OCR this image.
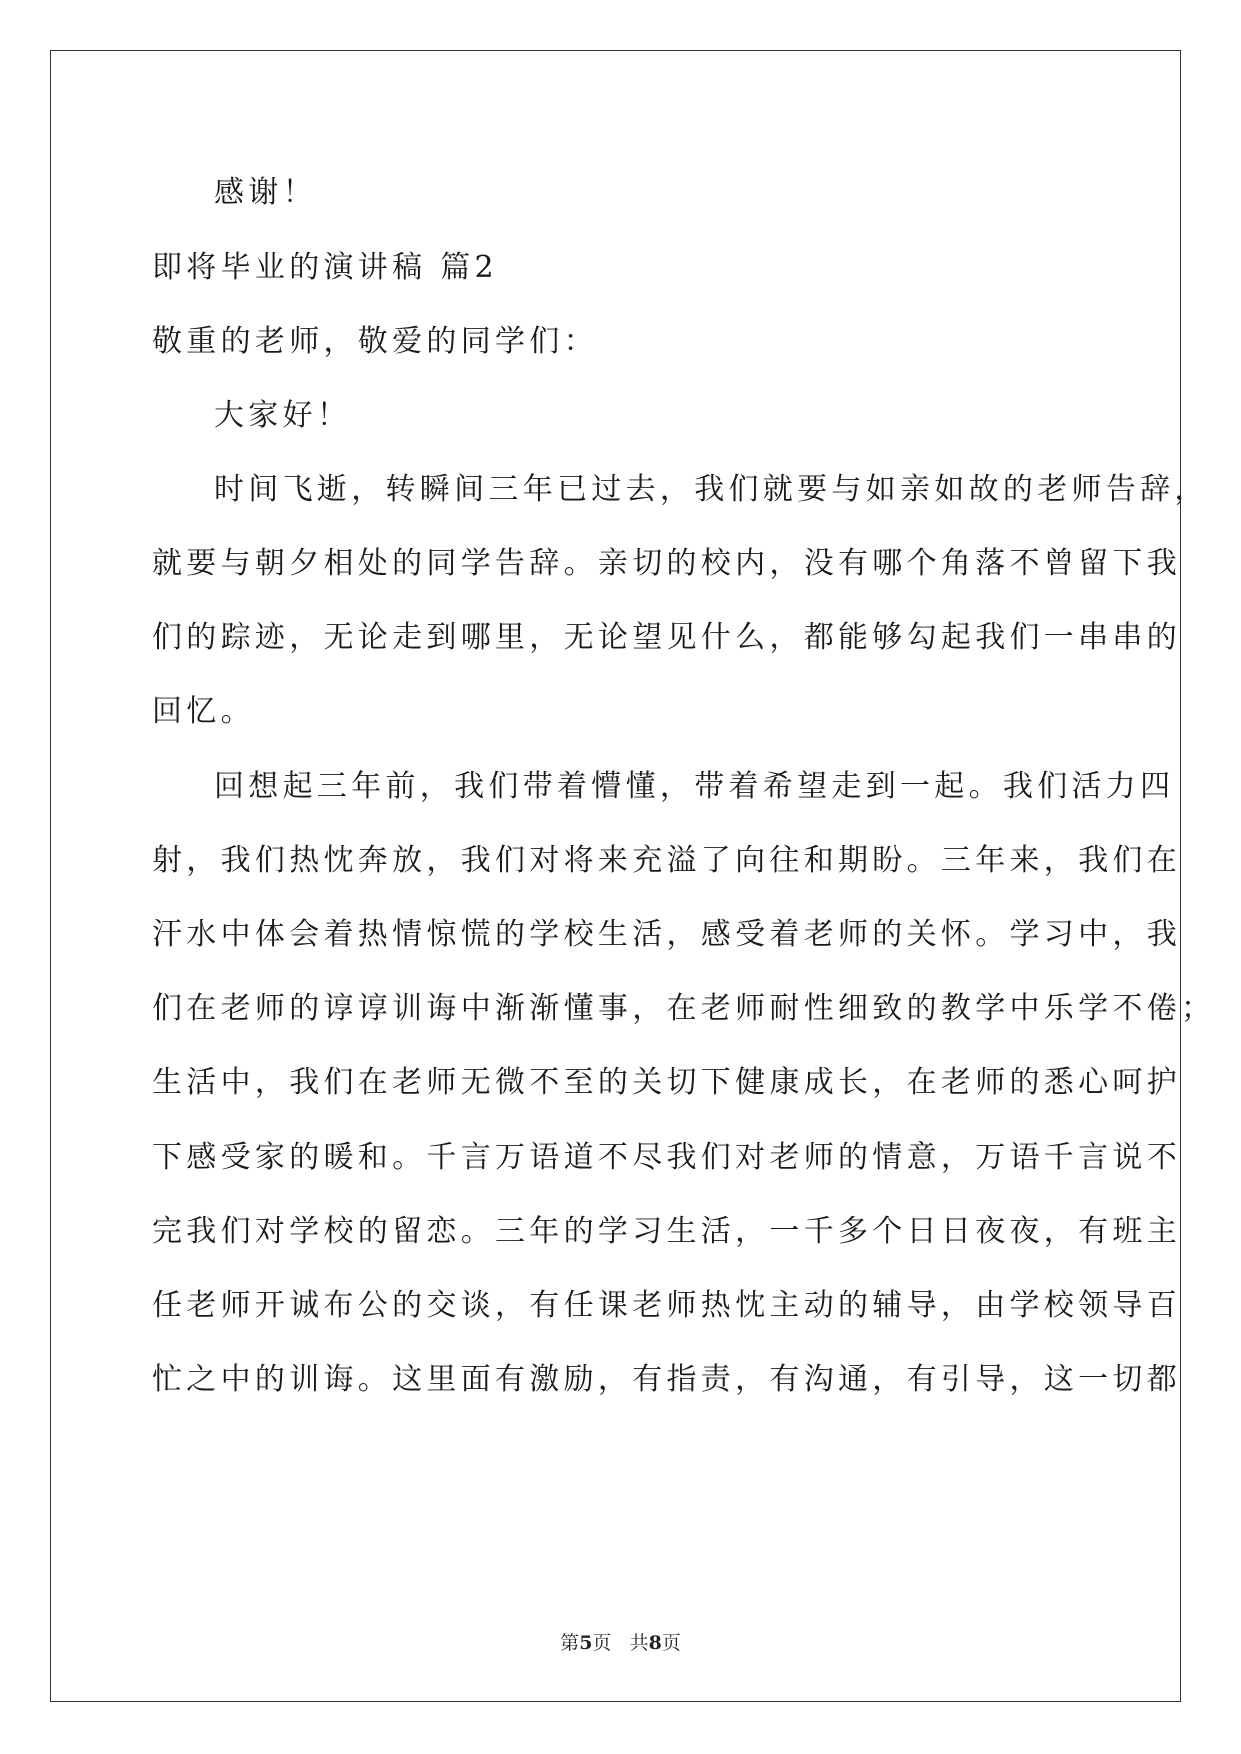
感谢！
即将毕业的演讲稿 篇2
敬重的老师，敬爱的同学们：
大家好！
时间飞逝，转瞬间三年已过去，我们就要与如亲如故的老师告辞，
就要与朝夕相处的同学告辞。亲切的校内，没有哪个角落不曾留下我
们的踪迹，无论走到哪里，无论望见什么，都能够勾起我们一串串的
回忆。
回想起三年前，我们带着懵懂，带着希望走到一起。我们活力四
射，我们热忱奔放，我们对将来充溢了向往和期盼。三年来，我们在
汗水中体会着热情惊慌的学校生活，感受着老师的关怀。学习中，我
们在老师的谆谆训诲中渐渐懂事，在老师耐性细致的教学中乐学不倦；
生活中，我们在老师无微不至的关切下健康成长，在老师的悉心呵护
下感受家的暖和。千言万语道不尽我们对老师的情意，万语千言说不
完我们对学校的留恋。三年的学习生活，一千多个日日夜夜，有班主
任老师开诚布公的交谈，有任课老师热忱主动的辅导，由学校领导百
忙之中的训诲。这里面有激励，有指责，有沟通，有引导，这一切都
第5页 共8页
